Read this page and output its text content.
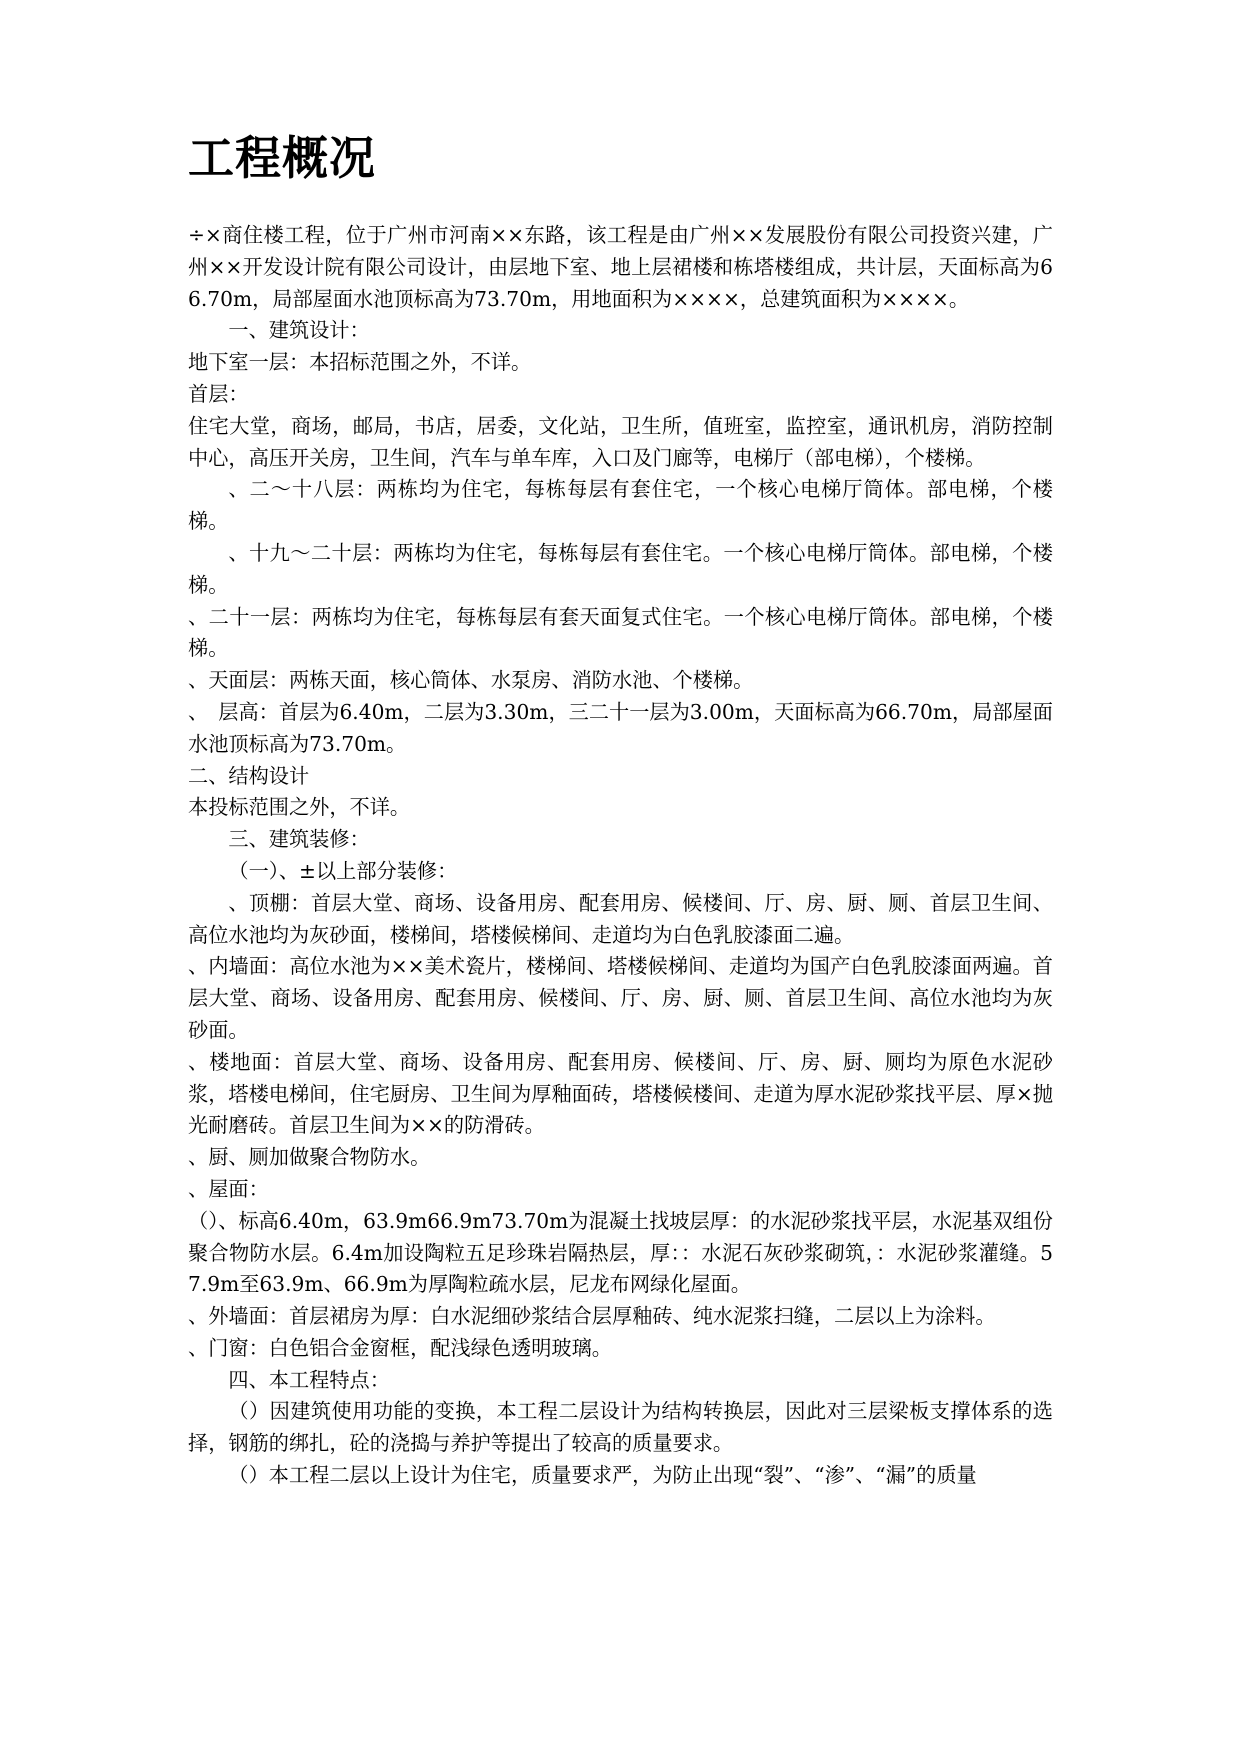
工程概况

÷×商住楼工程，位于广州市河南××东路，该工程是由广州××发展股份有限公司投资兴建，广州××开发设计院有限公司设计，由层地下室、地上层裙楼和栋塔楼组成，共计层，天面标高为66.70m，局部屋面水池顶标高为73.70m，用地面积为××××，总建筑面积为××××。

一、建筑设计：

地下室一层：本招标范围之外，不详。

首层：

住宅大堂，商场，邮局，书店，居委，文化站，卫生所，值班室，监控室，通讯机房，消防控制中心，高压开关房，卫生间，汽车与单车库，入口及门廊等，电梯厅（部电梯），个楼梯。

、二～十八层：两栋均为住宅，每栋每层有套住宅，一个核心电梯厅筒体。部电梯，个楼梯。

、十九～二十层：两栋均为住宅，每栋每层有套住宅。一个核心电梯厅筒体。部电梯，个楼梯。

、二十一层：两栋均为住宅，每栋每层有套天面复式住宅。一个核心电梯厅筒体。部电梯，个楼梯。

、天面层：两栋天面，核心筒体、水泵房、消防水池、个楼梯。

、　层高：首层为6.40m，二层为3.30m，三二十一层为3.00m，天面标高为66.70m，局部屋面水池顶标高为73.70m。

二、结构设计

本投标范围之外，不详。

三、建筑装修：

（一）、±以上部分装修：

、顶棚：首层大堂、商场、设备用房、配套用房、候楼间、厅、房、厨、厕、首层卫生间、高位水池均为灰砂面，楼梯间，塔楼候梯间、走道均为白色乳胶漆面二遍。

、内墙面：高位水池为××美术瓷片，楼梯间、塔楼候梯间、走道均为国产白色乳胶漆面两遍。首层大堂、商场、设备用房、配套用房、候楼间、厅、房、厨、厕、首层卫生间、高位水池均为灰砂面。

、楼地面：首层大堂、商场、设备用房、配套用房、候楼间、厅、房、厨、厕均为原色水泥砂浆，塔楼电梯间，住宅厨房、卫生间为厚釉面砖，塔楼候楼间、走道为厚水泥砂浆找平层、厚×抛光耐磨砖。首层卫生间为××的防滑砖。

、厨、厕加做聚合物防水。

、屋面：

（）、标高6.40m，63.9m66.9m73.70m为混凝土找坡层厚：的水泥砂浆找平层，水泥基双组份聚合物防水层。6.4m加设陶粒五足珍珠岩隔热层，厚：：水泥石灰砂浆砌筑，：水泥砂浆灌缝。57.9m至63.9m、66.9m为厚陶粒疏水层，尼龙布网绿化屋面。

、外墙面：首层裙房为厚：白水泥细砂浆结合层厚釉砖、纯水泥浆扫缝，二层以上为涂料。

、门窗：白色铝合金窗框，配浅绿色透明玻璃。

四、本工程特点：

（）因建筑使用功能的变换，本工程二层设计为结构转换层，因此对三层梁板支撑体系的选择，钢筋的绑扎，砼的浇捣与养护等提出了较高的质量要求。

（）本工程二层以上设计为住宅，质量要求严，为防止出现“裂”、“渗”、“漏”的质量
